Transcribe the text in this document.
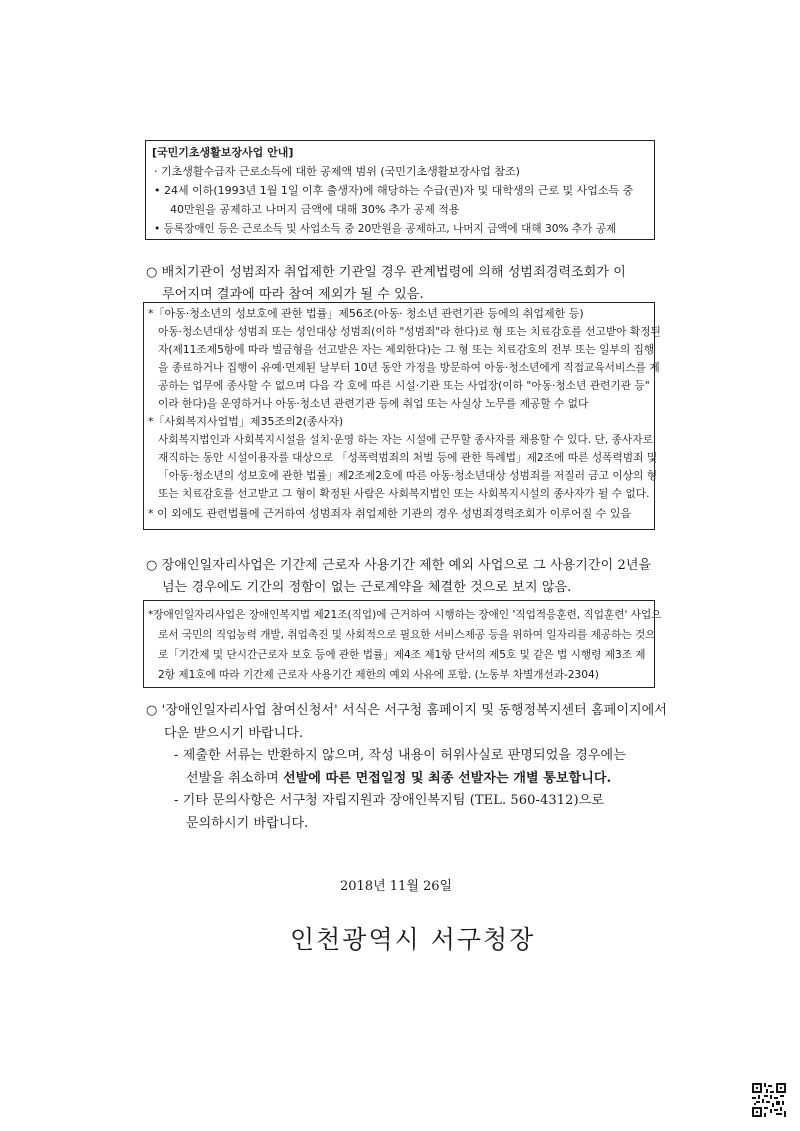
[국민기초생활보장사업 안내]
· 기초생활수급자 근로소득에 대한 공제액 범위 (국민기초생활보장사업 참조)
• 24세 이하(1993년 1월 1일 이후 출생자)에 해당하는 수급(권)자 및 대학생의 근로 및 사업소득 중
40만원을 공제하고 나머지 금액에 대해 30% 추가 공제 적용
• 등록장애인 등은 근로소득 및 사업소득 중 20만원을 공제하고, 나머지 금액에 대해 30% 추가 공제
○ 배치기관이 성범죄자 취업제한 기관일 경우 관계법령에 의해 성범죄경력조회가 이
루어지며 결과에 따라 참여 제외가 될 수 있음.
*「아동·청소년의 성보호에 관한 법률」제56조(아동· 청소년 관련기관 등에의 취업제한 등)
아동·청소년대상 성범죄 또는 성인대상 성범죄(이하 "성범죄"라 한다)로 형 또는 치료감호를 선고받아 확정된
자(제11조제5항에 따라 벌금형을 선고받은 자는 제외한다)는 그 형 또는 치료감호의 전부 또는 일부의 집행
을 종료하거나 집행이 유예·면제된 날부터 10년 동안 가정을 방문하여 아동·청소년에게 직접교육서비스를 제
공하는 업무에 종사할 수 없으며 다음 각 호에 따른 시설·기관 또는 사업장(이하 "아동·청소년 관련기관 등"
이라 한다)을 운영하거나 아동·청소년 관련기관 등에 취업 또는 사실상 노무를 제공할 수 없다
*「사회복지사업법」제35조의2(종사자)
사회복지법인과 사회복지시설을 설치·운영 하는 자는 시설에 근무할 종사자를 채용할 수 있다. 단, 종사자로
재직하는 동안 시설이용자를 대상으로 「성폭력범죄의 처벌 등에 관한 특례법」제2조에 따른 성폭력범죄 및
「아동·청소년의 성보호에 관한 법률」제2조제2호에 따른 아동·청소년대상 성범죄를 저질러 금고 이상의 형
또는 치료감호를 선고받고 그 형이 확정된 사람은 사회복지법인 또는 사회복지시설의 종사자가 될 수 없다.
* 이 외에도 관련법률에 근거하여 성범죄자 취업제한 기관의 경우 성범죄경력조회가 이루어질 수 있음
○ 장애인일자리사업은 기간제 근로자 사용기간 제한 예외 사업으로 그 사용기간이 2년을
넘는 경우에도 기간의 정함이 없는 근로계약을 체결한 것으로 보지 않음.
*장애인일자리사업은 장애인복지법 제21조(직업)에 근거하여 시행하는 장애인 '직업적응훈련, 직업훈련' 사업으
로서 국민의 직업능력 개발, 취업촉진 및 사회적으로 필요한 서비스제공 등을 위하여 일자리를 제공하는 것으
로「기간제 및 단시간근로자 보호 등에 관한 법률」제4조 제1항 단서의 제5호 및 같은 법 시행령 제3조 제
2항 제1호에 따라 기간제 근로자 사용기간 제한의 예외 사유에 포함. (노동부 차별개선과-2304)
○ '장애인일자리사업 참여신청서' 서식은 서구청 홈페이지 및 동행정복지센터 홈페이지에서
다운 받으시기 바랍니다.
- 제출한 서류는 반환하지 않으며, 작성 내용이 허위사실로 판명되었을 경우에는
선발을 취소하며 선발에 따른 면접일정 및 최종 선발자는 개별 통보합니다.
- 기타 문의사항은 서구청 자립지원과 장애인복지팀 (TEL. 560-4312)으로
문의하시기 바랍니다.
2018년 11월 26일
인천광역시 서구청장
